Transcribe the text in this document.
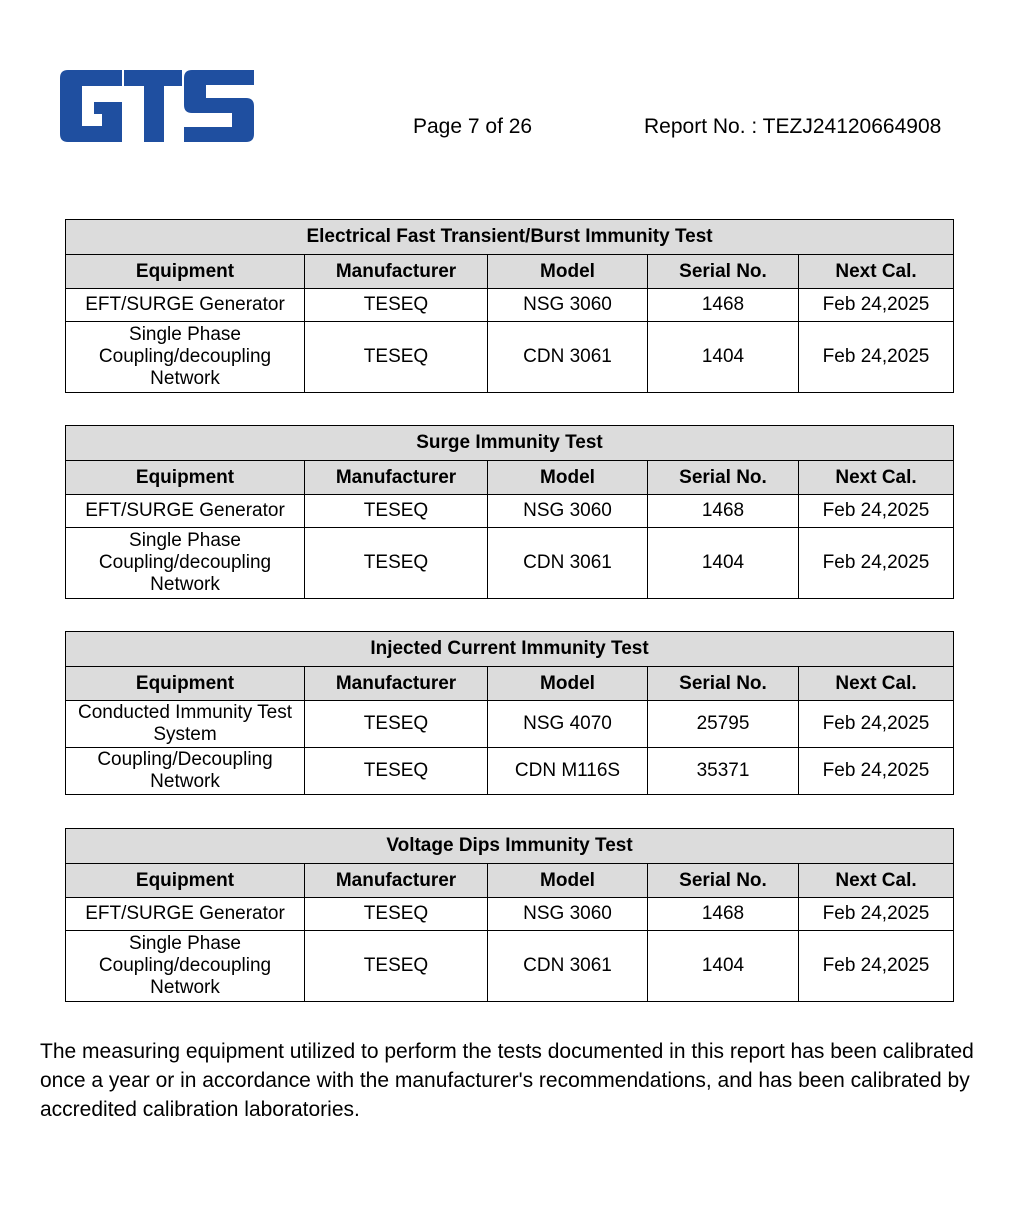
Page 7 of 26	Report No. : TEZJ24120664908
Electrical Fast Transient/Burst Immunity Test				
Equipment	Manufacturer	Model	Serial No.	Next Cal.
EFT/SURGE Generator	TESEQ	NSG 3060	1468	Feb 24,2025
Single Phase Coupling/decoupling Network	TESEQ	CDN 3061	1404	Feb 24,2025
Surge Immunity Test				
Equipment	Manufacturer	Model	Serial No.	Next Cal.
EFT/SURGE Generator	TESEQ	NSG 3060	1468	Feb 24,2025
Single Phase Coupling/decoupling Network	TESEQ	CDN 3061	1404	Feb 24,2025
Injected Current Immunity Test				
Equipment	Manufacturer	Model	Serial No.	Next Cal.
Conducted Immunity Test System	TESEQ	NSG 4070	25795	Feb 24,2025
Coupling/Decoupling Network	TESEQ	CDN M116S	35371	Feb 24,2025
Voltage Dips Immunity Test				
Equipment	Manufacturer	Model	Serial No.	Next Cal.
EFT/SURGE Generator	TESEQ	NSG 3060	1468	Feb 24,2025
Single Phase Coupling/decoupling Network	TESEQ	CDN 3061	1404	Feb 24,2025

The measuring equipment utilized to perform the tests documented in this report has been calibrated once a year or in accordance with the manufacturer's recommendations, and has been calibrated by accredited calibration laboratories.
